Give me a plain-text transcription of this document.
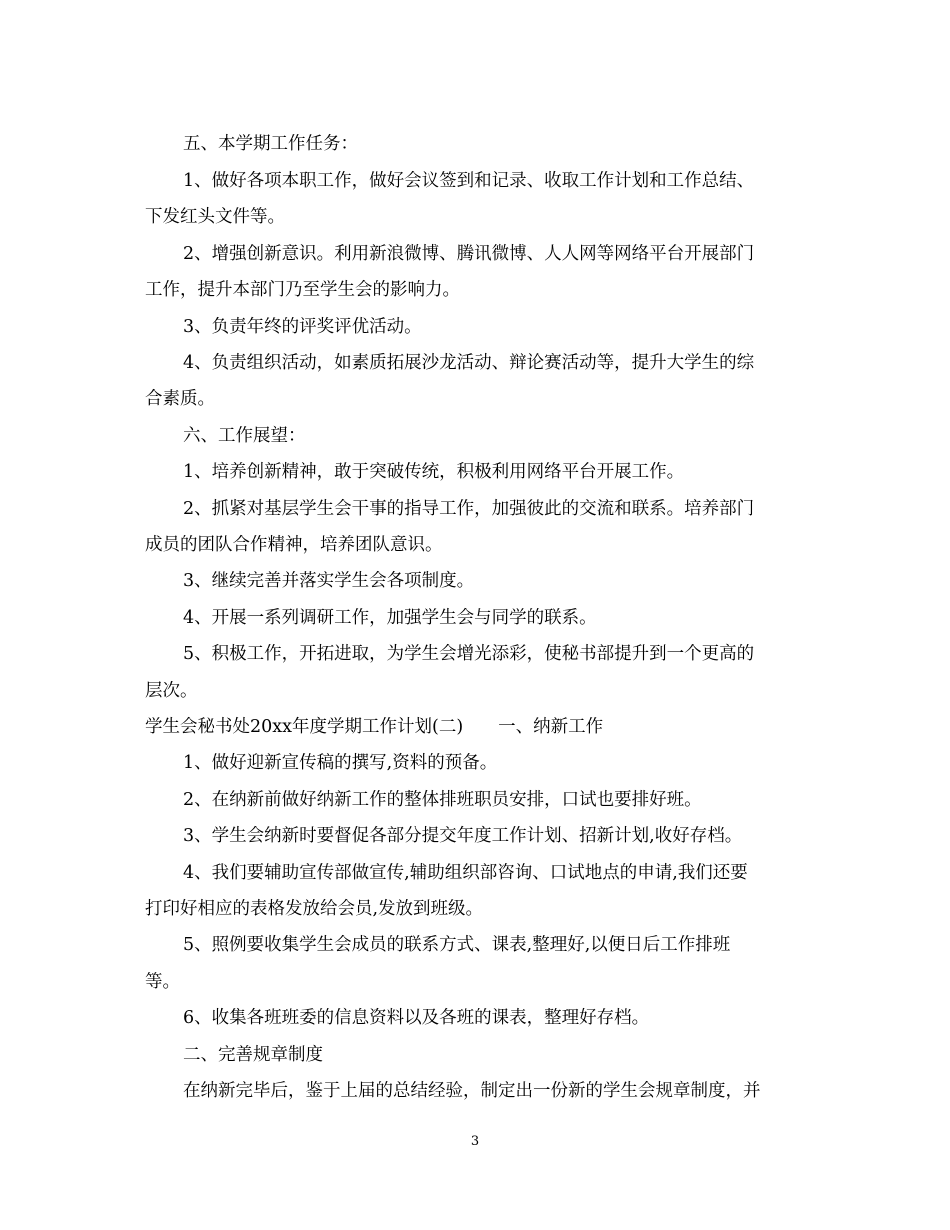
五、本学期工作任务：
1、做好各项本职工作，做好会议签到和记录、收取工作计划和工作总结、
下发红头文件等。
2、增强创新意识。利用新浪微博、腾讯微博、人人网等网络平台开展部门
工作，提升本部门乃至学生会的影响力。
3、负责年终的评奖评优活动。
4、负责组织活动，如素质拓展沙龙活动、辩论赛活动等，提升大学生的综
合素质。
六、工作展望：
1、培养创新精神，敢于突破传统，积极利用网络平台开展工作。
2、抓紧对基层学生会干事的指导工作，加强彼此的交流和联系。培养部门
成员的团队合作精神，培养团队意识。
3、继续完善并落实学生会各项制度。
4、开展一系列调研工作，加强学生会与同学的联系。
5、积极工作，开拓进取，为学生会增光添彩，使秘书部提升到一个更高的
层次。
学生会秘书处20xx年度学期工作计划(二)　　一、纳新工作
1、做好迎新宣传稿的撰写,资料的预备。
2、在纳新前做好纳新工作的整体排班职员安排，口试也要排好班。
3、学生会纳新时要督促各部分提交年度工作计划、招新计划,收好存档。
4、我们要辅助宣传部做宣传,辅助组织部咨询、口试地点的申请,我们还要
打印好相应的表格发放给会员,发放到班级。
5、照例要收集学生会成员的联系方式、课表,整理好,以便日后工作排班
等。
6、收集各班班委的信息资料以及各班的课表，整理好存档。
二、完善规章制度
在纳新完毕后，鉴于上届的总结经验，制定出一份新的学生会规章制度，并
3
